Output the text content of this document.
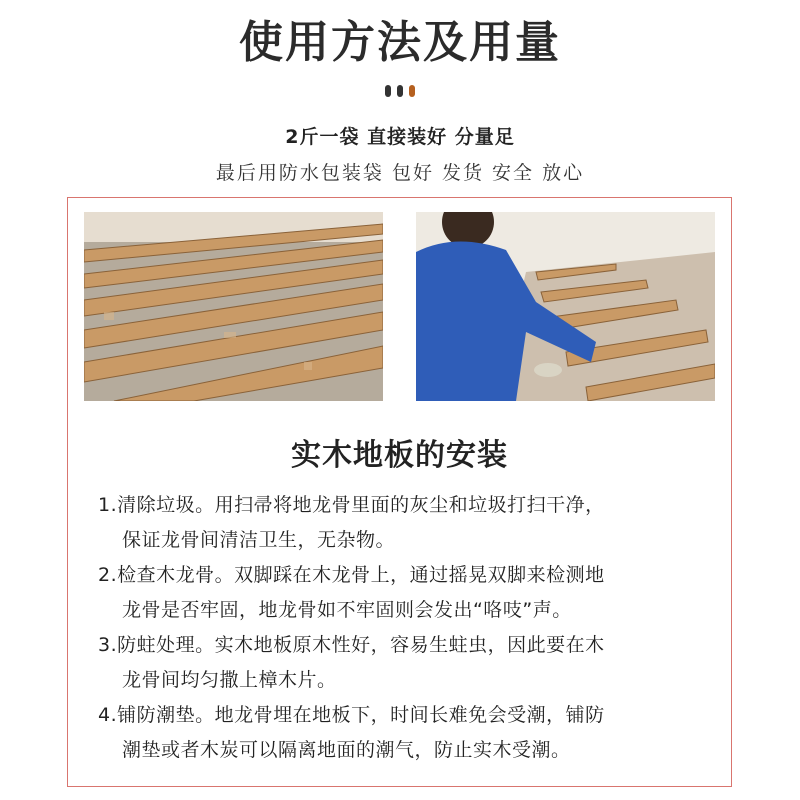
使用方法及用量
2斤一袋 直接装好 分量足
最后用防水包装袋 包好 发货 安全 放心
实木地板的安装
1.清除垃圾。用扫帚将地龙骨里面的灰尘和垃圾打扫干净，
保证龙骨间清洁卫生，无杂物。
2.检查木龙骨。双脚踩在木龙骨上，通过摇晃双脚来检测地
龙骨是否牢固，地龙骨如不牢固则会发出“咯吱”声。
3.防蛀处理。实木地板原木性好，容易生蛀虫，因此要在木
龙骨间均匀撒上樟木片。
4.铺防潮垫。地龙骨埋在地板下，时间长难免会受潮，铺防
潮垫或者木炭可以隔离地面的潮气，防止实木受潮。
